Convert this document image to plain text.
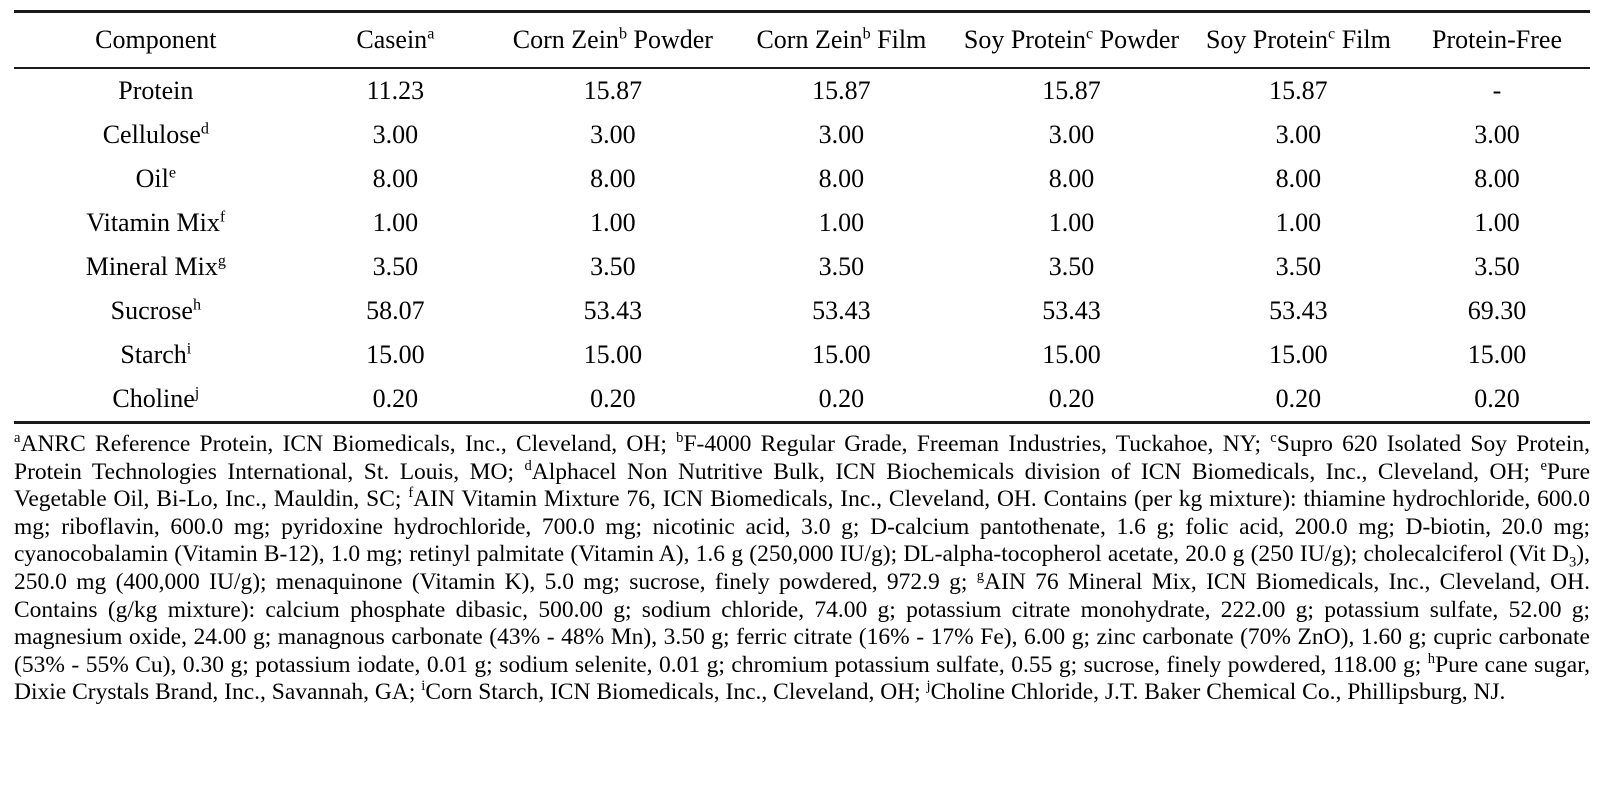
Component	Casein$^a$	Corn Zein$^b$ Powder	Corn Zein$^b$ Film	Soy Protein$^c$ Powder	Soy Protein$^c$ Film	Protein-Free
Protein	11.23	15.87	15.87	15.87	15.87	-
Cellulose$^d$	3.00	3.00	3.00	3.00	3.00	3.00
Oil$^e$	8.00	8.00	8.00	8.00	8.00	8.00
Vitamin Mix$^f$	1.00	1.00	1.00	1.00	1.00	1.00
Mineral Mix$^g$	3.50	3.50	3.50	3.50	3.50	3.50
Sucrose$^h$	58.07	53.43	53.43	53.43	53.43	69.30
Starch$^i$	15.00	15.00	15.00	15.00	15.00	15.00
Choline$^j$	0.20	0.20	0.20	0.20	0.20	0.20

$^a$ANRC Reference Protein, ICN Biomedicals, Inc., Cleveland, OH; $^b$F-4000 Regular Grade, Freeman Industries, Tuckahoe, NY; $^c$Supro 620 Isolated Soy Protein, Protein Technologies International, St. Louis, MO; $^d$Alphacel Non Nutritive Bulk, ICN Biochemicals division of ICN Biomedicals, Inc., Cleveland, OH; $^e$Pure Vegetable Oil, Bi-Lo, Inc., Mauldin, SC; $^f$AIN Vitamin Mixture 76, ICN Biomedicals, Inc., Cleveland, OH. Contains (per kg mixture): thiamine hydrochloride, 600.0 mg; riboflavin, 600.0 mg; pyridoxine hydrochloride, 700.0 mg; nicotinic acid, 3.0 g; D-calcium pantothenate, 1.6 g; folic acid, 200.0 mg; D-biotin, 20.0 mg; cyanocobalamin (Vitamin B-12), 1.0 mg; retinyl palmitate (Vitamin A), 1.6 g (250,000 IU/g); DL-alpha-tocopherol acetate, 20.0 g (250 IU/g); cholecalciferol (Vit $D_3$), 250.0 mg (400,000 IU/g); menaquinone (Vitamin K), 5.0 mg; sucrose, finely powdered, 972.9 g; $^g$AIN 76 Mineral Mix, ICN Biomedicals, Inc., Cleveland, OH. Contains (g/kg mixture): calcium phosphate dibasic, 500.00 g; sodium chloride, 74.00 g; potassium citrate monohydrate, 222.00 g; potassium sulfate, 52.00 g; magnesium oxide, 24.00 g; managnous carbonate (43% - 48% Mn), 3.50 g; ferric citrate (16% - 17% Fe), 6.00 g; zinc carbonate (70% ZnO), 1.60 g; cupric carbonate (53% - 55% Cu), 0.30 g; potassium iodate, 0.01 g; sodium selenite, 0.01 g; chromium potassium sulfate, 0.55 g; sucrose, finely powdered, 118.00 g; $^h$Pure cane sugar, Dixie Crystals Brand, Inc., Savannah, GA; $^i$Corn Starch, ICN Biomedicals, Inc., Cleveland, OH; $^j$Choline Chloride, J.T. Baker Chemical Co., Phillipsburg, NJ.
